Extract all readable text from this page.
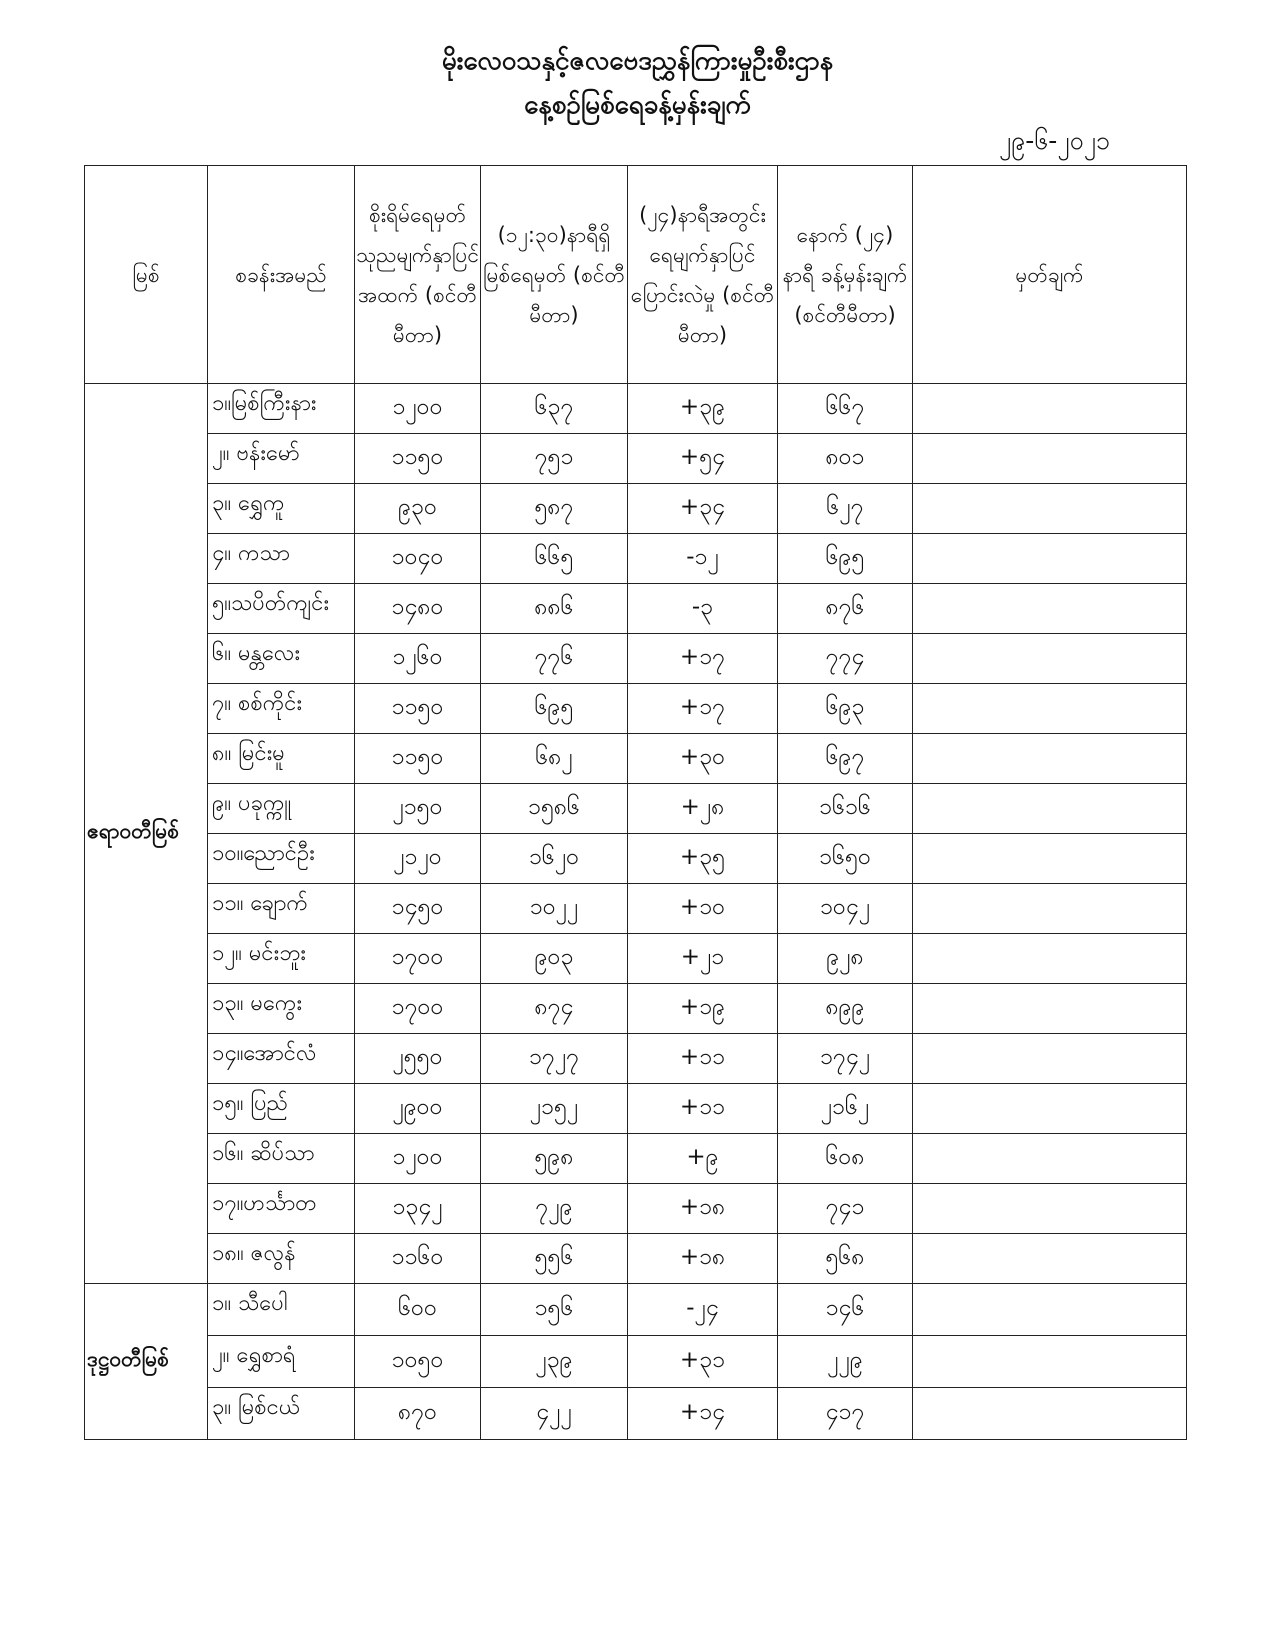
မိုးလေဝသနှင့်ဇလဗေဒညွှန်ကြားမှုဦးစီးဌာန
နေ့စဉ်မြစ်ရေခန့်မှန်းချက်
၂၉-၆-၂၀၂၁
မြစ်	စခန်းအမည်	စိုးရိမ်ရေမှတ် သုညမျက်နှာပြင် အထက် (စင်တီမီတာ)	(၁၂:၃၀)နာရီရှိ မြစ်ရေမှတ် (စင်တီမီတာ)	(၂၄)နာရီအတွင်း ရေမျက်နှာပြင် ပြောင်းလဲမှု (စင်တီမီတာ)	နောက် (၂၄) နာရီ ခန့်မှန်းချက် (စင်တီမီတာ)	မှတ်ချက်
ဧရာဝတီမြစ်	၁။မြစ်ကြီးနား	၁၂၀၀	၆၃၇	+၃၉	၆၆၇	
	၂။ ဗန်းမော်	၁၁၅၀	၇၅၁	+၅၄	၈၀၁	
	၃။ ရွှေကူ	၉၃၀	၅၈၇	+၃၄	၆၂၇	
	၄။ ကသာ	၁၀၄၀	၆၆၅	-၁၂	၆၉၅	
	၅။သပိတ်ကျင်း	၁၄၈၀	၈၈၆	-၃	၈၇၆	
	၆။ မန္တလေး	၁၂၆၀	၇၇၆	+၁၇	၇၇၄	
	၇။ စစ်ကိုင်း	၁၁၅၀	၆၉၅	+၁၇	၆၉၃	
	၈။ မြင်းမူ	၁၁၅၀	၆၈၂	+၃၀	၆၉၇	
	၉။ ပခုက္ကူ	၂၁၅၀	၁၅၈၆	+၂၈	၁၆၁၆	
	၁၀။ညောင်ဦး	၂၁၂၀	၁၆၂၀	+၃၅	၁၆၅၀	
	၁၁။ ချောက်	၁၄၅၀	၁၀၂၂	+၁၀	၁၀၄၂	
	၁၂။ မင်းဘူး	၁၇၀၀	၉၀၃	+၂၁	၉၂၈	
	၁၃။ မကွေး	၁၇၀၀	၈၇၄	+၁၉	၈၉၉	
	၁၄။အောင်လံ	၂၅၅၀	၁၇၂၇	+၁၁	၁၇၄၂	
	၁၅။ ပြည်	၂၉၀၀	၂၁၅၂	+၁၁	၂၁၆၂	
	၁၆။ ဆိပ်သာ	၁၂၀၀	၅၉၈	+၉	၆၀၈	
	၁၇။ဟင်္သာတ	၁၃၄၂	၇၂၉	+၁၈	၇၄၁	
	၁၈။ ဇလွန်	၁၁၆၀	၅၅၆	+၁၈	၅၆၈	
ဒုဋ္ဌဝတီမြစ်	၁။ သီပေါ	၆၀၀	၁၅၆	-၂၄	၁၄၆	
	၂။ ရွှေစာရံ	၁၀၅၀	၂၃၉	+၃၁	၂၂၉	
	၃။ မြစ်ငယ်	၈၇၀	၄၂၂	+၁၄	၄၁၇	
